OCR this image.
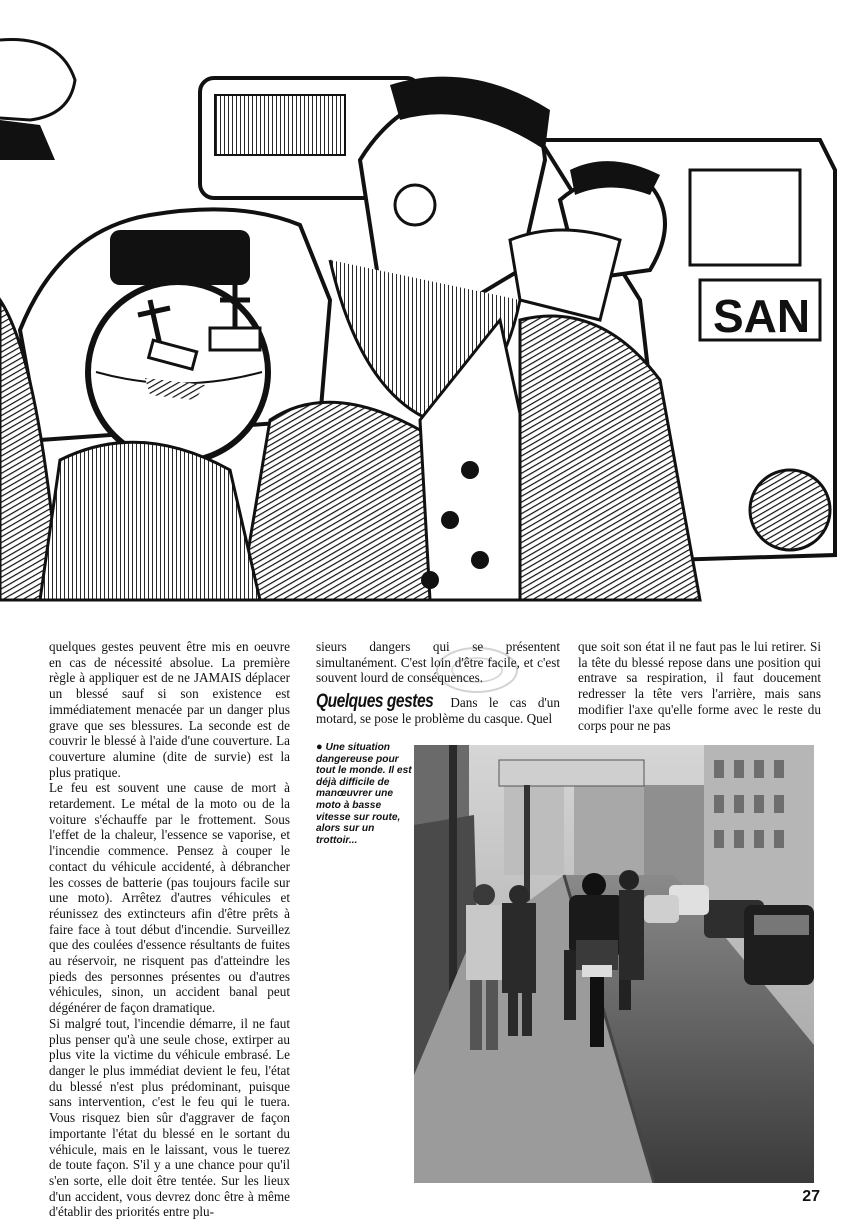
SAN

quelques gestes peuvent être mis en oeuvre en cas de nécessité absolue. La première règle à appliquer est de ne JAMAIS déplacer un blessé sauf si son existence est immédiatement menacée par un danger plus grave que ses blessures. La seconde est de couvrir le blessé à l'aide d'une couverture. La couverture alumine (dite de survie) est la plus pratique.

Le feu est souvent une cause de mort à retardement. Le métal de la moto ou de la voiture s'échauffe par le frottement. Sous l'effet de la chaleur, l'essence se vaporise, et l'incendie commence. Pensez à couper le contact du véhicule accidenté, à débrancher les cosses de batterie (pas toujours facile sur une moto). Arrêtez d'autres véhicules et réunissez des extincteurs afin d'être prêts à faire face à tout début d'incendie. Surveillez que des coulées d'essence résultants de fuites au réservoir, ne risquent pas d'atteindre les pieds des personnes présentes ou d'autres véhicules, sinon, un accident banal peut dégénérer de façon dramatique.

Si malgré tout, l'incendie démarre, il ne faut plus penser qu'à une seule chose, extirper au plus vite la victime du véhicule embrasé. Le danger le plus immédiat devient le feu, l'état du blessé n'est plus prédominant, puisque sans intervention, c'est le feu qui le tuera. Vous risquez bien sûr d'aggraver de façon importante l'état du blessé en le sortant du véhicule, mais en le laissant, vous le tuerez de toute façon. S'il y a une chance pour qu'il s'en sorte, elle doit être tentée. Sur les lieux d'un accident, vous devrez donc être à même d'établir des priorités entre plu-

sieurs dangers qui se présentent simultanément. C'est loin d'être facile, et c'est souvent lourd de conséquences.

Quelques gestes Dans le cas d'un motard, se pose le problème du casque. Quel

que soit son état il ne faut pas le lui retirer. Si la tête du blessé repose dans une position qui entrave sa respiration, il faut doucement redresser la tête vers l'arrière, mais sans modifier l'axe qu'elle forme avec le reste du corps pour ne pas

● Une situation dangereuse pour tout le monde. Il est déjà difficile de manœuvrer une moto à basse vitesse sur route, alors sur un trottoir...
27
